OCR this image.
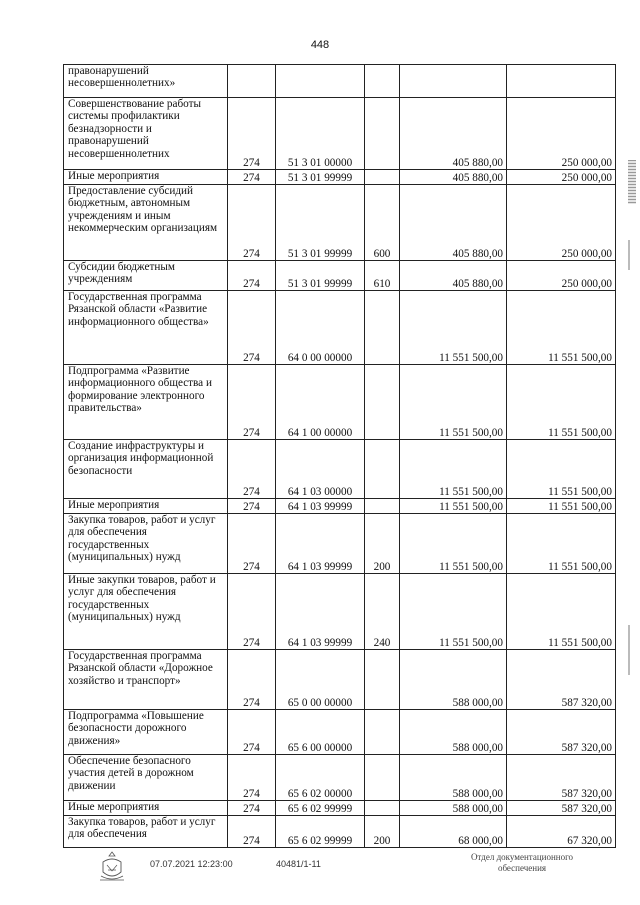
448
правонарушений несовершеннолетних»					
Совершенствование работы системы профилактики безнадзорности и правонарушений несовершеннолетних	274	51 3 01 00000		405 880,00	250 000,00
Иные мероприятия	274	51 3 01 99999		405 880,00	250 000,00
Предоставление субсидий бюджетным, автономным учреждениям и иным некоммерческим организациям	274	51 3 01 99999	600	405 880,00	250 000,00
Субсидии бюджетным учреждениям	274	51 3 01 99999	610	405 880,00	250 000,00
Государственная программа Рязанской области «Развитие информационного общества»	274	64 0 00 00000		11 551 500,00	11 551 500,00
Подпрограмма «Развитие информационного общества и формирование электронного правительства»	274	64 1 00 00000		11 551 500,00	11 551 500,00
Создание инфраструктуры и организация информационной безопасности	274	64 1 03 00000		11 551 500,00	11 551 500,00
Иные мероприятия	274	64 1 03 99999		11 551 500,00	11 551 500,00
Закупка товаров, работ и услуг для обеспечения государственных (муниципальных) нужд	274	64 1 03 99999	200	11 551 500,00	11 551 500,00
Иные закупки товаров, работ и услуг для обеспечения государственных (муниципальных) нужд	274	64 1 03 99999	240	11 551 500,00	11 551 500,00
Государственная программа Рязанской области «Дорожное хозяйство и транспорт»	274	65 0 00 00000		588 000,00	587 320,00
Подпрограмма «Повышение безопасности дорожного движения»	274	65 6 00 00000		588 000,00	587 320,00
Обеспечение безопасного участия детей в дорожном движении	274	65 6 02 00000		588 000,00	587 320,00
Иные мероприятия	274	65 6 02 99999		588 000,00	587 320,00
Закупка товаров, работ и услуг для обеспечения	274	65 6 02 99999	200	68 000,00	67 320,00
07.07.2021 12:23:00	40481/1-11
Отдел документационного
обеспечения
